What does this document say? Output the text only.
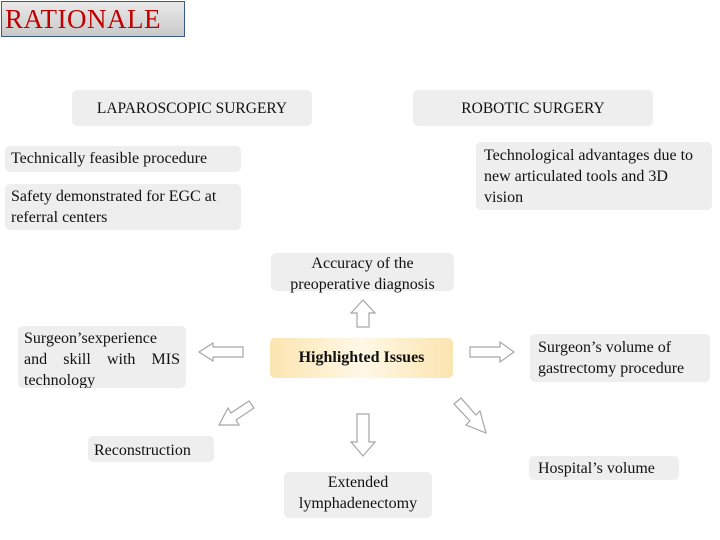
RATIONALE
LAPAROSCOPIC SURGERY	ROBOTIC SURGERY
Technically feasible procedure
Safety demonstrated for EGC at referral centers
Technological advantages due to new articulated tools and 3D vision
Accuracy of the preoperative diagnosis
Surgeon’sexperience and skill with MIS technology
Highlighted Issues
Surgeon’s volume of gastrectomy procedure
Reconstruction
Extended lymphadenectomy
Hospital’s volume
